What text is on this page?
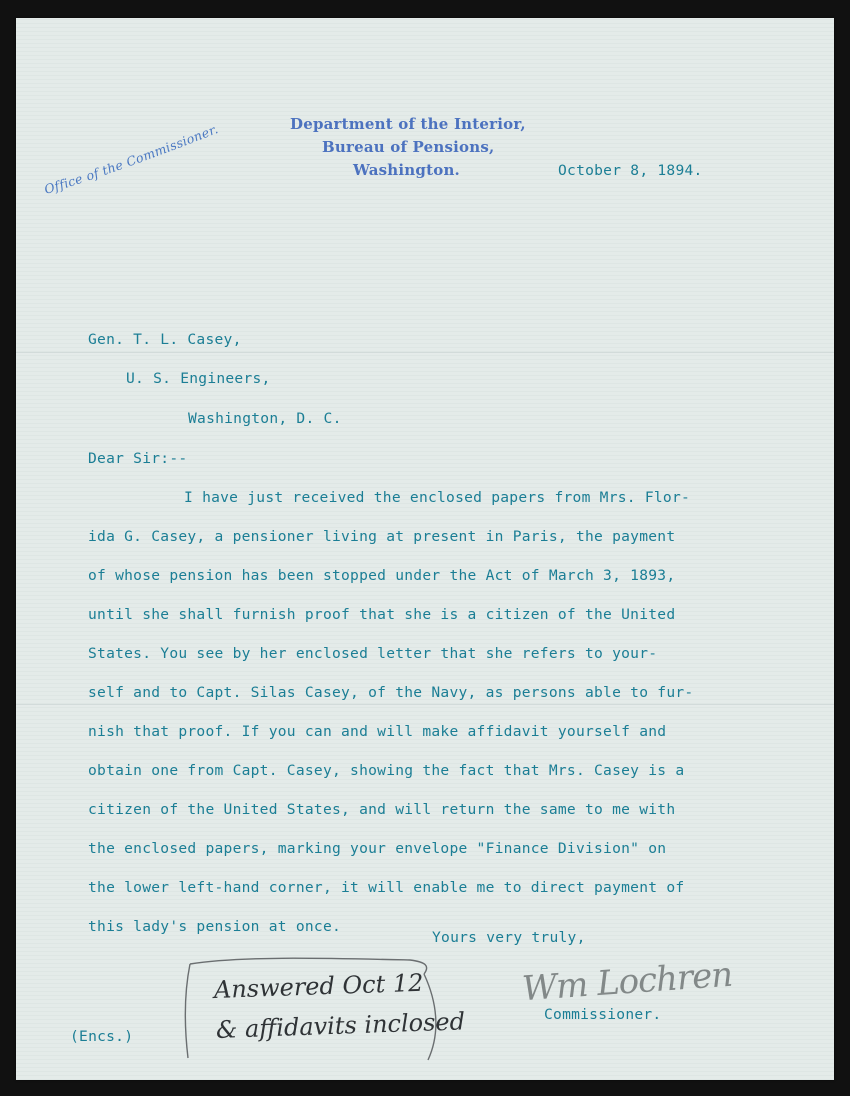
Office of the Commissioner.	Department of the Interior,
Bureau of Pensions,
Washington.	October 8, 1894.
Gen. T. L. Casey,
U. S. Engineers,
Washington, D. C.
Dear Sir:--
I have just received the enclosed papers from Mrs. Flor-
ida G. Casey, a pensioner living at present in Paris, the payment
of whose pension has been stopped under the Act of March 3, 1893,
until she shall furnish proof that she is a citizen of the United
States. You see by her enclosed letter that she refers to your-
self and to Capt. Silas Casey, of the Navy, as persons able to fur-
nish that proof. If you can and will make affidavit yourself and
obtain one from Capt. Casey, showing the fact that Mrs. Casey is a
citizen of the United States, and will return the same to me with
the enclosed papers, marking your envelope "Finance Division" on
the lower left-hand corner, it will enable me to direct payment of
this lady's pension at once.
Yours very truly,
Wm Lochren
Commissioner.
(Encs.)
Answered Oct 12
& affidavits inclosed
